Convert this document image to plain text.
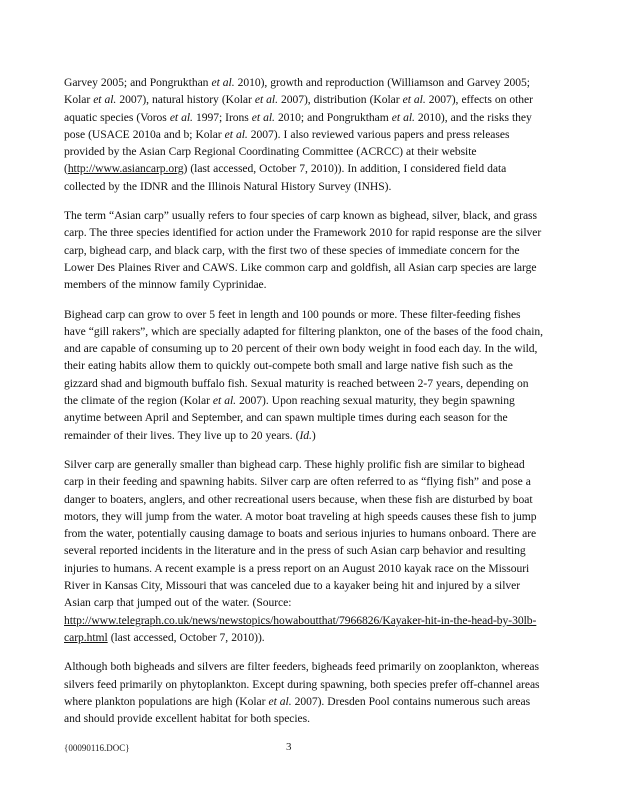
Garvey 2005; and Pongrukthan et al. 2010), growth and reproduction (Williamson and Garvey 2005; Kolar et al. 2007), natural history (Kolar et al. 2007), distribution (Kolar et al. 2007), effects on other aquatic species (Voros et al. 1997; Irons et al. 2010; and Pongruktham et al. 2010), and the risks they pose (USACE 2010a and b; Kolar et al. 2007). I also reviewed various papers and press releases provided by the Asian Carp Regional Coordinating Committee (ACRCC) at their website (http://www.asiancarp.org) (last accessed, October 7, 2010)). In addition, I considered field data collected by the IDNR and the Illinois Natural History Survey (INHS).

The term “Asian carp” usually refers to four species of carp known as bighead, silver, black, and grass carp. The three species identified for action under the Framework 2010 for rapid response are the silver carp, bighead carp, and black carp, with the first two of these species of immediate concern for the Lower Des Plaines River and CAWS. Like common carp and goldfish, all Asian carp species are large members of the minnow family Cyprinidae.

Bighead carp can grow to over 5 feet in length and 100 pounds or more. These filter-feeding fishes have “gill rakers”, which are specially adapted for filtering plankton, one of the bases of the food chain, and are capable of consuming up to 20 percent of their own body weight in food each day. In the wild, their eating habits allow them to quickly out-compete both small and large native fish such as the gizzard shad and bigmouth buffalo fish. Sexual maturity is reached between 2-7 years, depending on the climate of the region (Kolar et al. 2007). Upon reaching sexual maturity, they begin spawning anytime between April and September, and can spawn multiple times during each season for the remainder of their lives. They live up to 20 years. (Id.)

Silver carp are generally smaller than bighead carp. These highly prolific fish are similar to bighead carp in their feeding and spawning habits. Silver carp are often referred to as “flying fish” and pose a danger to boaters, anglers, and other recreational users because, when these fish are disturbed by boat motors, they will jump from the water. A motor boat traveling at high speeds causes these fish to jump from the water, potentially causing damage to boats and serious injuries to humans onboard. There are several reported incidents in the literature and in the press of such Asian carp behavior and resulting injuries to humans. A recent example is a press report on an August 2010 kayak race on the Missouri River in Kansas City, Missouri that was canceled due to a kayaker being hit and injured by a silver Asian carp that jumped out of the water. (Source: http://www.telegraph.co.uk/news/newstopics/howaboutthat/7966826/Kayaker-hit-in-the-head-by-30lb-carp.html (last accessed, October 7, 2010)).

Although both bigheads and silvers are filter feeders, bigheads feed primarily on zooplankton, whereas silvers feed primarily on phytoplankton. Except during spawning, both species prefer off-channel areas where plankton populations are high (Kolar et al. 2007). Dresden Pool contains numerous such areas and should provide excellent habitat for both species.

{00090116.DOC}	3
